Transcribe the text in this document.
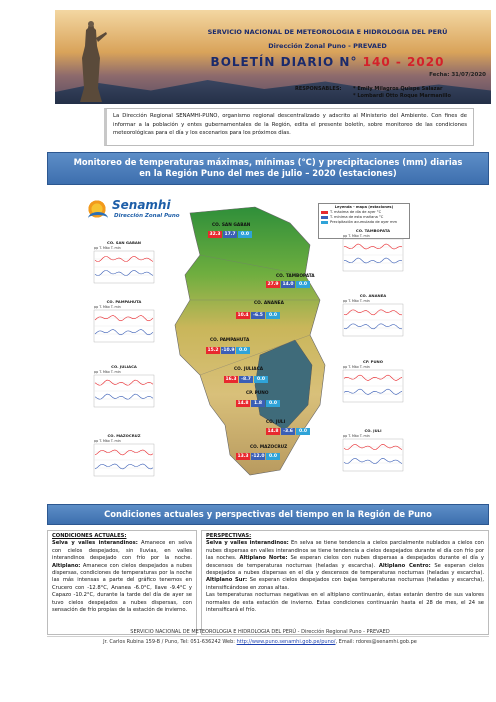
SERVICIO NACIONAL DE METEOROLOGIA E HIDROLOGIA DEL PERÚ
Dirección Zonal Puno - PREVAED
BOLETÍN DIARIO N° 140 - 2020
Fecha: 31/07/2020
RESPONSABLES:	* Emily Milagros Quispe Salazar
* Lombardi Otto Roque Marmanillo
La Dirección Regional SENAMHI-PUNO, organismo regional descentralizado y adscrito al Ministerio del Ambiente. Con fines de informar a la población y entes gubernamentales de la Región, edita el presente boletín, sobre monitoreo de las condiciones meteorológicas para el día y los escenarios para los próximos días.
Monitoreo de temperaturas máximas, mínimas (°C) y precipitaciones (mm) diarias
en la Región Puno del mes de julio – 2020 (estaciones)
Senamhi
Dirección Zonal Puno
Leyenda - mapa (estaciones)
T. máxima de día de ayer °C
T. mínima de esta mañana °C
Precipitación acumulada de ayer mm
CO. SAN GABAN
32.3 17.7	0.0
CO. TAMBOPATA
27.9 14.0	0.0
CO. ANANEA
10.4	-6.5	0.0
CO. PAMPAHUTA
15.2 -10.9	0.0
CO. JULIACA
16.3	-8.7	0.0
CP. PUNO
14.8	1.8	0.0
CO. JULI
14.8	-3.6	0.0
CO. MAZOCRUZ
13.3 -12.0	0.0
CO. SAN GABAN
pp T. Máx T. min
CO. PAMPAHUTA
pp T. Máx T. min
CO. JULIACA
pp T. Máx T. min
CO. MAZOCRUZ
pp T. Máx T. min
CO. TAMBOPATA
pp T. Máx T. min
CO. ANANEA
pp T. Máx T. min
CP. PUNO
pp T. Máx T. min
CO. JULI
pp T. Máx T. min
Condiciones actuales y perspectivas del tiempo en la Región de Puno
CONDICIONES ACTUALES:
Selva y valles interandinos: Amanece en selva con cielos despejados, sin lluvias, en valles interandinos despejado con frío por la noche. Altiplano: Amanece con cielos despejados a nubes dispersas, condiciones de temperaturas por la noche las más intensas a parte del gráfico tenemos en Crucero con -12.8°C, Ananea -6.0°C, Ilave -9.4°C y Capazo -10.2°C, durante la tarde del día de ayer se tuvo cielos despejados a nubes dispersas, con sensación de frío propias de la estación de invierno.
PERSPECTIVAS:
Selva y valles interandinos: En selva se tiene tendencia a cielos parcialmente nublados a cielos con nubes dispersas en valles interandinos se tiene tendencia a cielos despejados durante el día con frío por las noches. Altiplano Norte: Se esperan cielos con nubes dispersas a despejados durante el día y descensos de temperaturas nocturnas (heladas y escarcha). Altiplano Centro: Se esperan cielos despejados a nubes dispersas en el día y descensos de temperaturas nocturnas (heladas y escarcha). Altiplano Sur: Se esperan cielos despejados con bajas temperaturas nocturnas (heladas y escarcha), intensificándose en zonas altas.
Las temperaturas nocturnas negativas en el altiplano continuarán, éstas estarán dentro de sus valores normales de esta estación de invierno. Estas condiciones continuarán hasta el 28 de mes, el 24 se intensificará el frío.
SERVICIO NACIONAL DE METEOROLOGIA E HIDROLOGIA DEL PERÚ - Dirección Regional Puno - PREVAED
Jr. Carlos Rubina 159-B / Puno, Tel: 051-636242 Web: http://www.puno.senamhi.gob.pe/puno/, Email: rdores@senamhi.gob.pe
